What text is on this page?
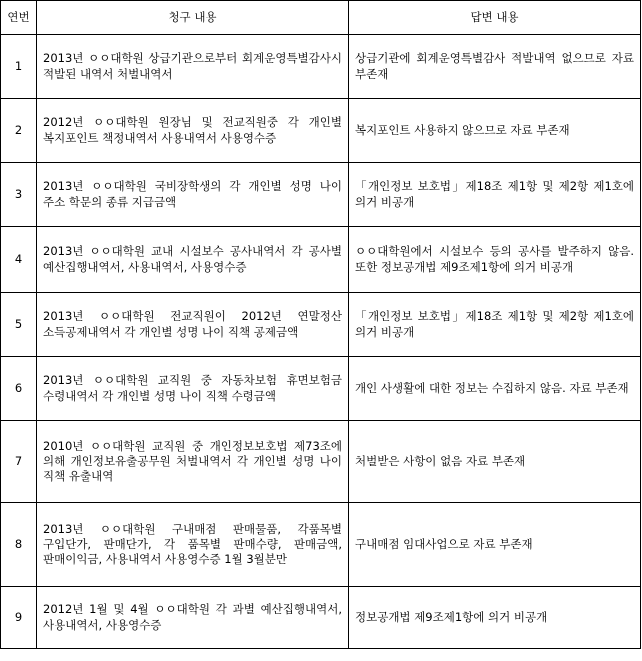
연번	청구 내용	답변 내용
1	2013년 ㅇㅇ대학원 상급기관으로부터 회계운영특별감사시 적발된 내역서 처벌내역서	상급기관에 회계운영특별감사 적발내역 없으므로 자료 부존재
2	2012년 ㅇㅇ대학원 원장님 및 전교직원중 각 개인별 복지포인트 책정내역서 사용내역서 사용영수증	복지포인트 사용하지 않으므로 자료 부존재
3	2013년 ㅇㅇ대학원 국비장학생의 각 개인별 성명 나이 주소 학문의 종류 지급금액	「개인정보 보호법」제18조 제1항 및 제2항 제1호에 의거 비공개
4	2013년 ㅇㅇ대학원 교내 시설보수 공사내역서 각 공사별 예산집행내역서, 사용내역서, 사용영수증	ㅇㅇ대학원에서 시설보수 등의 공사를 발주하지 않음. 또한 정보공개법 제9조제1항에 의거 비공개
5	2013년 ㅇㅇ대학원 전교직원이 2012년 연말정산 소득공제내역서 각 개인별 성명 나이 직책 공제금액	「개인정보 보호법」제18조 제1항 및 제2항 제1호에 의거 비공개
6	2013년 ㅇㅇ대학원 교직원 중 자동차보험 휴면보험금 수령내역서 각 개인별 성명 나이 직책 수령금액	개인 사생활에 대한 정보는 수집하지 않음. 자료 부존재
7	2010년 ㅇㅇ대학원 교직원 중 개인정보보호법 제73조에 의해 개인정보유출공무원 처벌내역서 각 개인별 성명 나이 직책 유출내역	처벌받은 사항이 없음 자료 부존재
8	2013년 ㅇㅇ대학원 구내매점 판매물품, 각품목별 구입단가, 판매단가, 각 품목별 판매수량, 판매금액, 판매이익금, 사용내역서 사용영수증 1월 3월분만	구내매점 임대사업으로 자료 부존재
9	2012년 1월 및 4월 ㅇㅇ대학원 각 과별 예산집행내역서, 사용내역서, 사용영수증	정보공개법 제9조제1항에 의거 비공개
